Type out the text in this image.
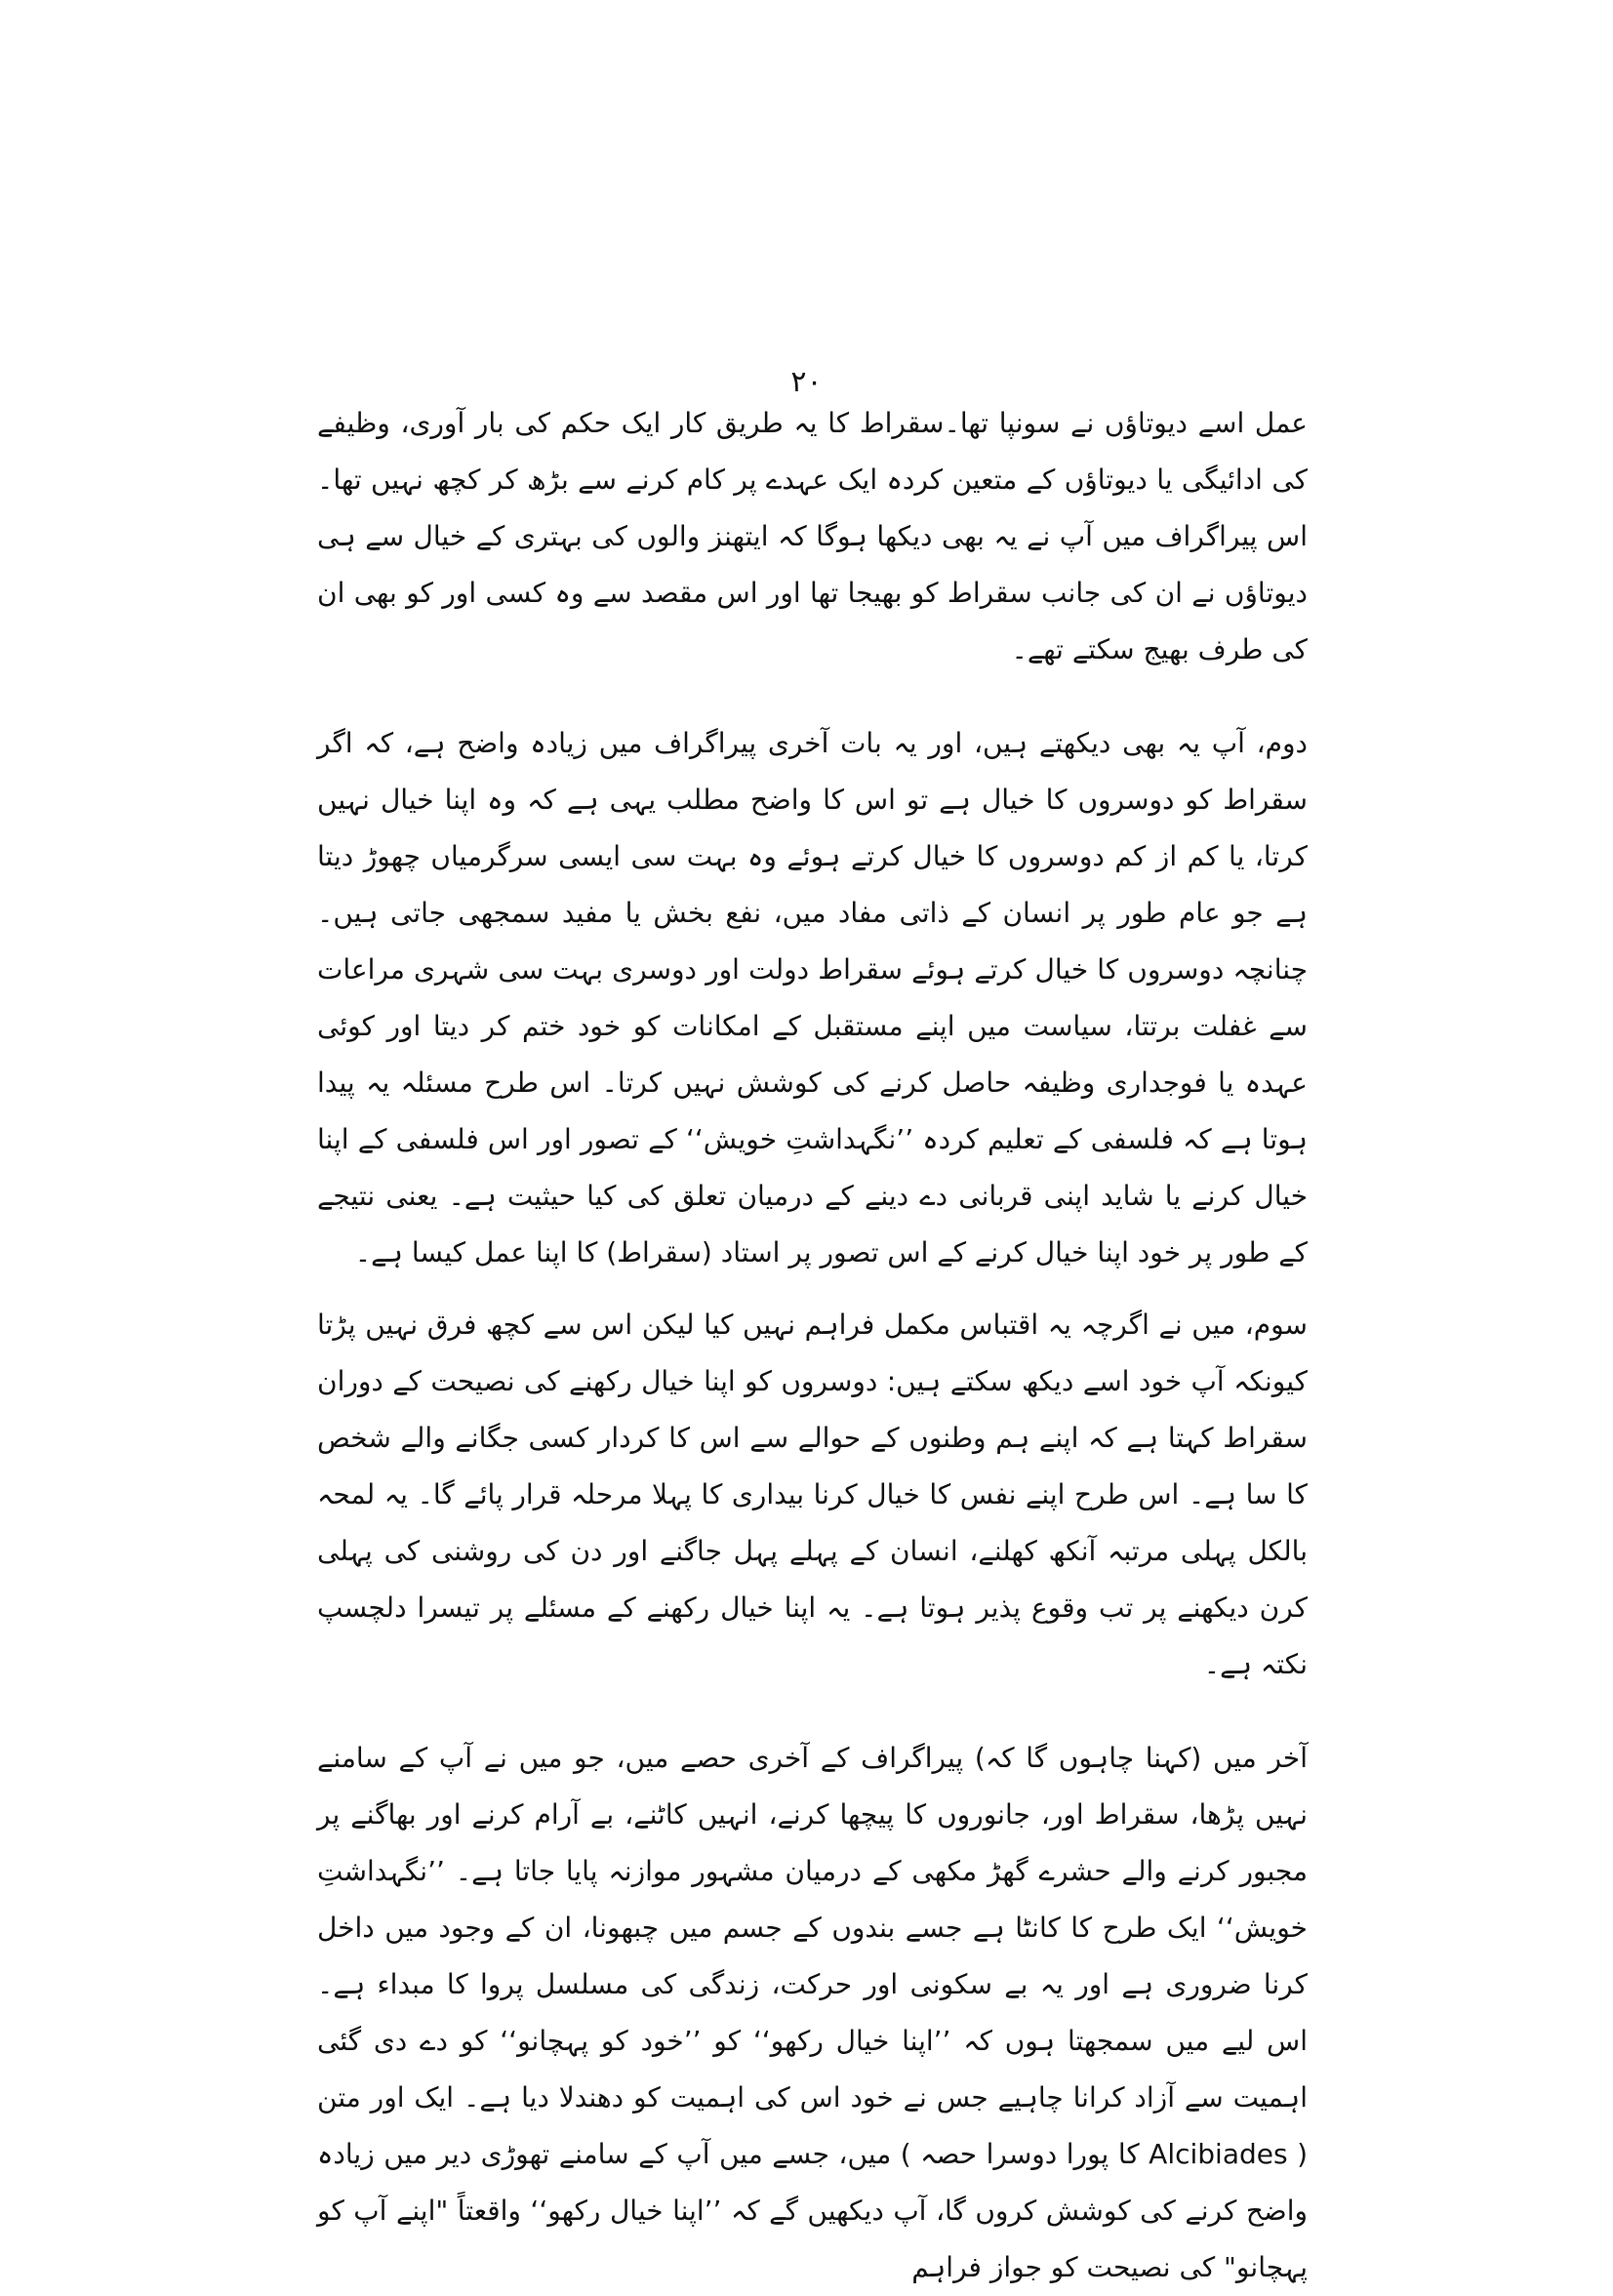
۲۰

عمل اسے دیوتاؤں نے سونپا تھا۔سقراط کا یہ طریق کار ایک حکم کی بار آوری، وظیفے کی ادائیگی یا دیوتاؤں کے متعین کردہ ایک عہدے پر کام کرنے سے بڑھ کر کچھ نہیں تھا۔ اس پیراگراف میں آپ نے یہ بھی دیکھا ہوگا کہ ایتھنز والوں کی بہتری کے خیال سے ہی دیوتاؤں نے ان کی جانب سقراط کو بھیجا تھا اور اس مقصد سے وہ کسی اور کو بھی ان کی طرف بھیج سکتے تھے۔

دوم، آپ یہ بھی دیکھتے ہیں، اور یہ بات آخری پیراگراف میں زیادہ واضح ہے، کہ اگر سقراط کو دوسروں کا خیال ہے تو اس کا واضح مطلب یہی ہے کہ وہ اپنا خیال نہیں کرتا، یا کم از کم دوسروں کا خیال کرتے ہوئے وہ بہت سی ایسی سرگرمیاں چھوڑ دیتا ہے جو عام طور پر انسان کے ذاتی مفاد میں، نفع بخش یا مفید سمجھی جاتی ہیں۔ چنانچہ دوسروں کا خیال کرتے ہوئے سقراط دولت اور دوسری بہت سی شہری مراعات سے غفلت برتتا، سیاست میں اپنے مستقبل کے امکانات کو خود ختم کر دیتا اور کوئی عہدہ یا فوجداری وظیفہ حاصل کرنے کی کوشش نہیں کرتا۔ اس طرح مسئلہ یہ پیدا ہوتا ہے کہ فلسفی کے تعلیم کردہ ’’نگہداشتِ خویش‘‘ کے تصور اور اس فلسفی کے اپنا خیال کرنے یا شاید اپنی قربانی دے دینے کے درمیان تعلق کی کیا حیثیت ہے۔ یعنی نتیجے کے طور پر خود اپنا خیال کرنے کے اس تصور پر استاد (سقراط) کا اپنا عمل کیسا ہے۔

سوم، میں نے اگرچہ یہ اقتباس مکمل فراہم نہیں کیا لیکن اس سے کچھ فرق نہیں پڑتا کیونکہ آپ خود اسے دیکھ سکتے ہیں: دوسروں کو اپنا خیال رکھنے کی نصیحت کے دوران سقراط کہتا ہے کہ اپنے ہم وطنوں کے حوالے سے اس کا کردار کسی جگانے والے شخص کا سا ہے۔ اس طرح اپنے نفس کا خیال کرنا بیداری کا پہلا مرحلہ قرار پائے گا۔ یہ لمحہ بالکل پہلی مرتبہ آنکھ کھلنے، انسان کے پہلے پہل جاگنے اور دن کی روشنی کی پہلی کرن دیکھنے پر تب وقوع پذیر ہوتا ہے۔ یہ اپنا خیال رکھنے کے مسئلے پر تیسرا دلچسپ نکتہ ہے۔

آخر میں (کہنا چاہوں گا کہ) پیراگراف کے آخری حصے میں، جو میں نے آپ کے سامنے نہیں پڑھا، سقراط اور، جانوروں کا پیچھا کرنے، انہیں کاٹنے، بے آرام کرنے اور بھاگنے پر مجبور کرنے والے حشرے گھڑ مکھی کے درمیان مشہور موازنہ پایا جاتا ہے۔ ’’نگہداشتِ خویش‘‘ ایک طرح کا کانٹا ہے جسے بندوں کے جسم میں چبھونا، ان کے وجود میں داخل کرنا ضروری ہے اور یہ بے سکونی اور حرکت، زندگی کی مسلسل پروا کا مبداء ہے۔ اس لیے میں سمجھتا ہوں کہ ’’اپنا خیال رکھو‘‘ کو ’’خود کو پہچانو‘‘ کو دے دی گئی اہمیت سے آزاد کرانا چاہیے جس نے خود اس کی اہمیت کو دھندلا دیا ہے۔ ایک اور متن ( Alcibiades کا پورا دوسرا حصہ ) میں، جسے میں آپ کے سامنے تھوڑی دیر میں زیادہ واضح کرنے کی کوشش کروں گا، آپ دیکھیں گے کہ ’’اپنا خیال رکھو‘‘ واقعتاً "اپنے آپ کو پہچانو" کی نصیحت کو جواز فراہم
